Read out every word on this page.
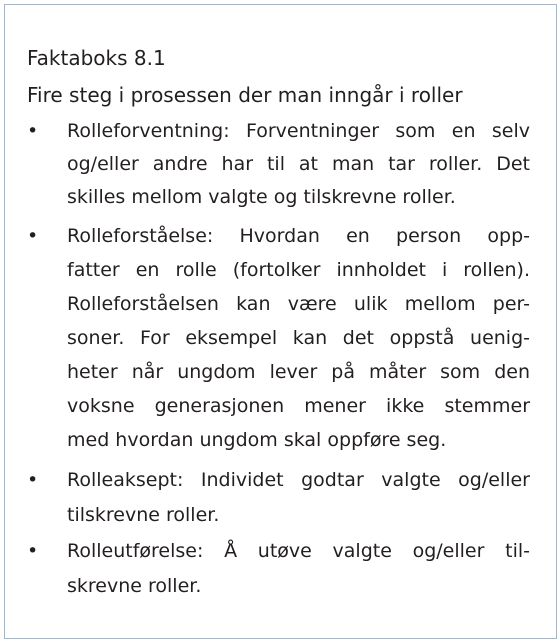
Faktaboks 8.1
Fire steg i prosessen der man inngår i roller
• Rolleforventning: Forventninger som en selv
og/eller andre har til at man tar roller. Det
skilles mellom valgte og tilskrevne roller.
• Rolleforståelse: Hvordan en person opp-
fatter en rolle (fortolker innholdet i rollen).
Rolleforståelsen kan være ulik mellom per-
soner. For eksempel kan det oppstå uenig-
heter når ungdom lever på måter som den
voksne generasjonen mener ikke stemmer
med hvordan ungdom skal oppføre seg.
• Rolleaksept: Individet godtar valgte og/eller
tilskrevne roller.
• Rolleutførelse: Å utøve valgte og/eller til-
skrevne roller.
